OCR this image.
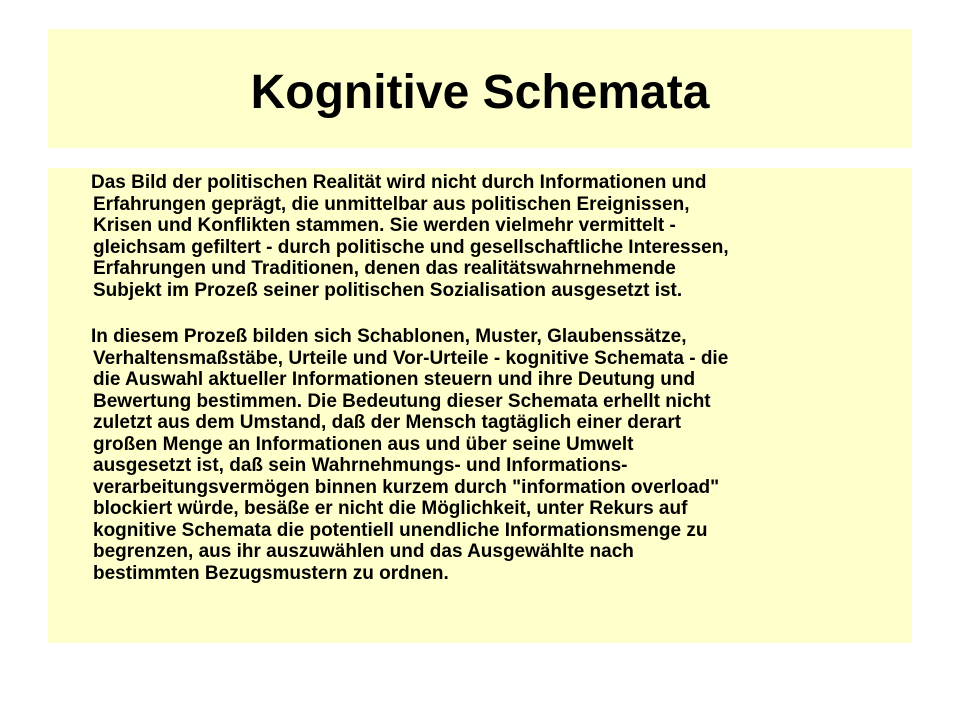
Kognitive Schemata

Das Bild der politischen Realität wird nicht durch Informationen und
Erfahrungen geprägt, die unmittelbar aus politischen Ereignissen,
Krisen und Konflikten stammen. Sie werden vielmehr vermittelt -
gleichsam gefiltert - durch politische und gesellschaftliche Interessen,
Erfahrungen und Traditionen, denen das realitätswahrnehmende
Subjekt im Prozeß seiner politischen Sozialisation ausgesetzt ist.

In diesem Prozeß bilden sich Schablonen, Muster, Glaubenssätze,
Verhaltensmaßstäbe, Urteile und Vor-Urteile - kognitive Schemata - die
die Auswahl aktueller Informationen steuern und ihre Deutung und
Bewertung bestimmen. Die Bedeutung dieser Schemata erhellt nicht
zuletzt aus dem Umstand, daß der Mensch tagtäglich einer derart
großen Menge an Informationen aus und über seine Umwelt
ausgesetzt ist, daß sein Wahrnehmungs- und Informations-
verarbeitungsvermögen binnen kurzem durch "information overload"
blockiert würde, besäße er nicht die Möglichkeit, unter Rekurs auf
kognitive Schemata die potentiell unendliche Informationsmenge zu
begrenzen, aus ihr auszuwählen und das Ausgewählte nach
bestimmten Bezugsmustern zu ordnen.
